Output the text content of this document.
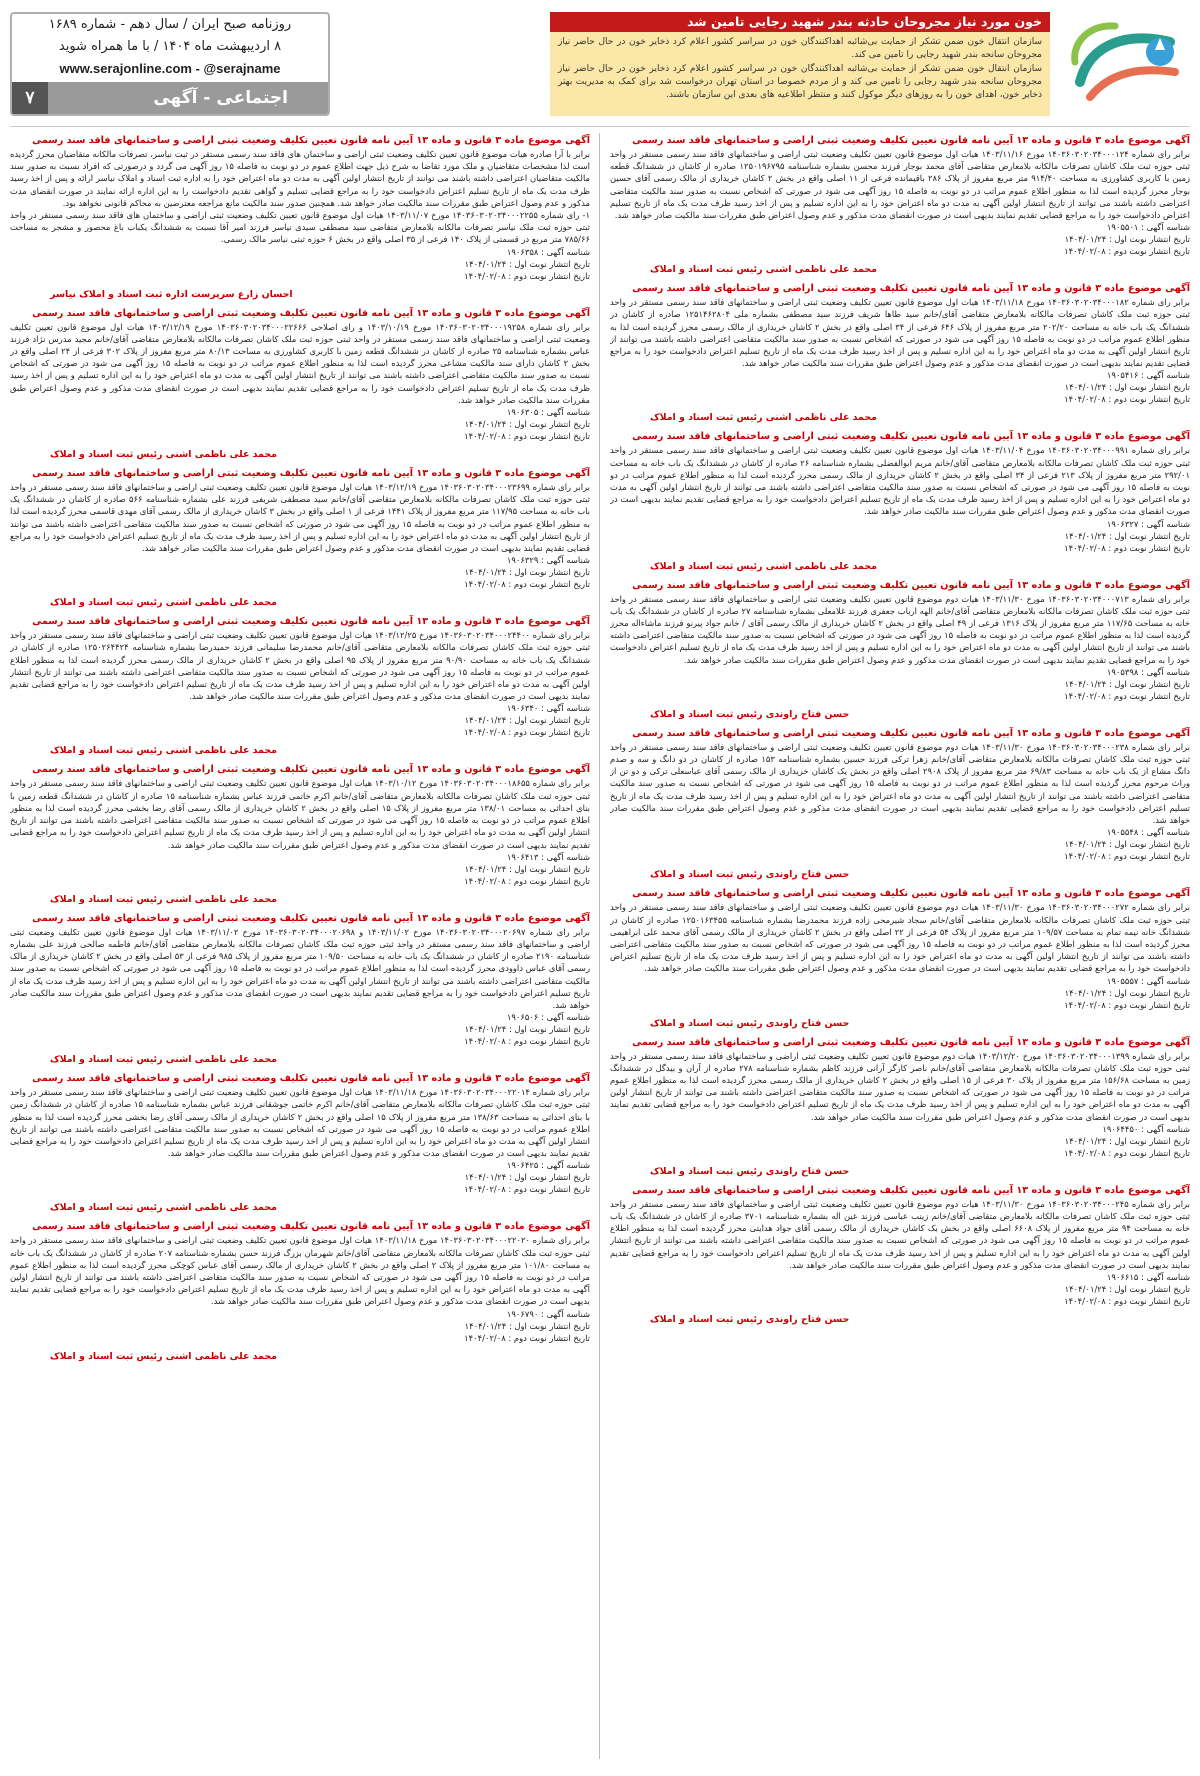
خون مورد نیاز مجروحان حادثه بندر شهید رجایی تامین شد

سازمان انتقال خون ضمن تشکر از حمایت بی‌شائبه اهداکنندگان خون در سراسر کشور اعلام کرد ذخایر خون در حال حاضر نیاز مجروحان سانحه بندر شهید رجایی را تامین می کند.

سازمان انتقال خون ضمن تشکر از حمایت بی‌شائبه اهداکنندگان خون در سراسر کشور اعلام کرد ذخایر خون در حال حاضر نیاز مجروحان سانحه بندر شهید رجایی را تامین می کند و از مردم خصوصا در استان تهران درخواست شد برای کمک به مدیریت بهتر ذخایر خون، اهدای خون را به روزهای دیگر موکول کنند و منتظر اطلاعیه های بعدی این سازمان باشند.

روزنامه صبح ایران / سال دهم - شماره ۱۶۸۹
۸ اردیبهشت ماه ۱۴۰۴ / با ما همراه شوید
www.serajonline.com - @serajname
اجتماعی - آگهی
۷
آگهی موضوع ماده ۳ قانون و ماده ۱۳ آیین نامه قانون تعیین تکلیف وضعیت ثبتی اراضی و ساختمانهای فاقد سند رسمی
برابر رای شماره ۱۴۰۳۶۰۳۰۲۰۳۴۰۰۰۱۲۴ مورخ ۱۴۰۳/۱۱/۱۶ هیات اول موضوع قانون تعیین تکلیف وضعیت ثبتی اراضی و ساختمانهای فاقد سند رسمی مستقر در واحد ثبتی حوزه ثبت ملک کاشان تصرفات مالکانه بلامعارض متقاضی آقای محمد بوجار فرزند محسن بشماره شناسنامه ۱۲۵۰۱۹۶۷۹۵ صادره از کاشان در ششدانگ قطعه زمین با کاربری کشاورزی به مساحت ۹۱۴/۴۰ متر مربع مفروز از پلاک ۲۸۶ باقیمانده فرعی از ۱۱ اصلی واقع در بخش ۲ کاشان خریداری از مالک رسمی آقای حسین بوجار محرز گردیده است لذا به منظور اطلاع عموم مراتب در دو نوبت به فاصله ۱۵ روز آگهی می شود در صورتی که اشخاص نسبت به صدور سند مالکیت متقاضی اعتراضی داشته باشند می توانند از تاریخ انتشار اولین آگهی به مدت دو ماه اعتراض خود را به این اداره تسلیم و پس از اخذ رسید ظرف مدت یک ماه از تاریخ تسلیم اعتراض دادخواست خود را به مراجع قضایی تقدیم نمایند بدیهی است در صورت انقضای مدت مذکور و عدم وصول اعتراض طبق مقررات سند مالکیت صادر خواهد شد.
شناسه آگهی : ۱۹۰۵۵۰۱
تاریخ انتشار نوبت اول : ۱۴۰۴/۰۱/۲۴
تاریخ انتشار نوبت دوم : ۱۴۰۴/۰۲/۰۸
محمد علی ناظمی اشنی رئیس ثبت اسناد و املاک
آگهی موضوع ماده ۳ قانون و ماده ۱۳ آیین نامه قانون تعیین تکلیف وضعیت ثبتی اراضی و ساختمانهای فاقد سند رسمی
برابر رای شماره ۱۴۰۳۶۰۳۰۲۰۳۴۰۰۰۱۸۲ مورخ ۱۴۰۳/۱۱/۱۸ هیات اول موضوع قانون تعیین تکلیف وضعیت ثبتی اراضی و ساختمانهای فاقد سند رسمی مستقر در واحد ثبتی حوزه ثبت ملک کاشان تصرفات مالکانه بلامعارض متقاضی آقای/خانم سید طاها شریف فرزند سید مصطفی بشماره ملی ۱۲۵۱۴۶۲۸۰۴ صادره از کاشان در ششدانگ یک باب خانه به مساحت ۲۰۲/۲۰ متر مربع مفروز از پلاک ۶۴۶ فرعی از ۳۴ اصلی واقع در بخش ۲ کاشان خریداری از مالک رسمی محرز گردیده است لذا به منظور اطلاع عموم مراتب در دو نوبت به فاصله ۱۵ روز آگهی می شود در صورتی که اشخاص نسبت به صدور سند مالکیت متقاضی اعتراضی داشته باشند می توانند از تاریخ انتشار اولین آگهی به مدت دو ماه اعتراض خود را به این اداره تسلیم و پس از اخذ رسید ظرف مدت یک ماه از تاریخ تسلیم اعتراض دادخواست خود را به مراجع قضایی تقدیم نمایند بدیهی است در صورت انقضای مدت مذکور و عدم وصول اعتراض طبق مقررات سند مالکیت صادر خواهد شد.
شناسه آگهی : ۱۹۰۵۴۱۶
تاریخ انتشار نوبت اول : ۱۴۰۴/۰۱/۲۴
تاریخ انتشار نوبت دوم : ۱۴۰۴/۰۲/۰۸
محمد علی ناظمی اشنی رئیس ثبت اسناد و املاک
آگهی موضوع ماده ۳ قانون و ماده ۱۳ آیین نامه قانون تعیین تکلیف وضعیت ثبتی اراضی و ساختمانهای فاقد سند رسمی
برابر رای شماره ۱۴۰۳۶۰۳۰۲۰۳۴۰۰۰۹۹۱ مورخ ۱۴۰۳/۱۱/۰۴ هیات اول موضوع قانون تعیین تکلیف وضعیت ثبتی اراضی و ساختمانهای فاقد سند رسمی مستقر در واحد ثبتی حوزه ثبت ملک کاشان تصرفات مالکانه بلامعارض متقاضی آقای/خانم مریم ابوالفضلی بشماره شناسنامه ۲۶ صادره از کاشان در ششدانگ یک باب خانه به مساحت ۲۹۲/۰۱ متر مربع مفروز از پلاک ۲۱۳ فرعی از ۳۴ اصلی واقع در بخش ۲ کاشان خریداری از مالک رسمی محرز گردیده است لذا به منظور اطلاع عموم مراتب در دو نوبت به فاصله ۱۵ روز آگهی می شود در صورتی که اشخاص نسبت به صدور سند مالکیت متقاضی اعتراضی داشته باشند می توانند از تاریخ انتشار اولین آگهی به مدت دو ماه اعتراض خود را به این اداره تسلیم و پس از اخذ رسید ظرف مدت یک ماه از تاریخ تسلیم اعتراض دادخواست خود را به مراجع قضایی تقدیم نمایند بدیهی است در صورت انقضای مدت مذکور و عدم وصول اعتراض طبق مقررات سند مالکیت صادر خواهد شد.
شناسه آگهی : ۱۹۰۶۳۲۷
تاریخ انتشار نوبت اول : ۱۴۰۴/۰۱/۲۴
تاریخ انتشار نوبت دوم : ۱۴۰۴/۰۲/۰۸
محمد علی ناظمی اشنی رئیس ثبت اسناد و املاک
آگهی موضوع ماده ۳ قانون و ماده ۱۳ آیین نامه قانون تعیین تکلیف وضعیت ثبتی اراضی و ساختمانهای فاقد سند رسمی
برابر رای شماره ۱۴۰۳۶۰۳۰۲۰۳۴۰۰۰۷۱۳ مورخ ۱۴۰۳/۱۱/۳۰ هیات دوم موضوع قانون تعیین تکلیف وضعیت ثبتی اراضی و ساختمانهای فاقد سند رسمی مستقر در واحد ثبتی حوزه ثبت ملک کاشان تصرفات مالکانه بلامعارض متقاضی آقای/خانم الهه ارباب جعفری فرزند غلامعلی بشماره شناسنامه ۲۷ صادره از کاشان در ششدانگ یک باب خانه به مساحت ۱۱۷/۶۵ متر مربع مفروز از پلاک ۱۳۱۶ فرعی از ۴۹ اصلی واقع در بخش ۲ کاشان خریداری از مالک رسمی آقای / خانم جواد پیرنو فرزند ماشاءاله محرز گردیده است لذا به منظور اطلاع عموم مراتب در دو نوبت به فاصله ۱۵ روز آگهی می شود در صورتی که اشخاص نسبت به صدور سند مالکیت متقاضی اعتراضی داشته باشند می توانند از تاریخ انتشار اولین آگهی به مدت دو ماه اعتراض خود را به این اداره تسلیم و پس از اخذ رسید ظرف مدت یک ماه از تاریخ تسلیم اعتراض دادخواست خود را به مراجع قضایی تقدیم نمایند بدیهی است در صورت انقضای مدت مذکور و عدم وصول اعتراض طبق مقررات سند مالکیت صادر خواهد شد.
شناسه آگهی : ۱۹۰۵۳۹۸
تاریخ انتشار نوبت اول : ۱۴۰۴/۰۱/۲۴
تاریخ انتشار نوبت دوم : ۱۴۰۴/۰۲/۰۸
حسن فتاح راوندی رئیس ثبت اسناد و املاک
آگهی موضوع ماده ۳ قانون و ماده ۱۳ آیین نامه قانون تعیین تکلیف وضعیت ثبتی اراضی و ساختمانهای فاقد سند رسمی
برابر رای شماره ۱۴۰۳۶۰۳۰۲۰۳۴۰۰۰۲۳۸ مورخ ۱۴۰۳/۱۱/۳۰ هیات دوم موضوع قانون تعیین تکلیف وضعیت ثبتی اراضی و ساختمانهای فاقد سند رسمی مستقر در واحد ثبتی حوزه ثبت ملک کاشان تصرفات مالکانه بلامعارض متقاضی آقای/خانم زهرا ترکی فرزند حسین بشماره شناسنامه ۱۵۳ صادره از کاشان در دو دانگ و سه و صدم دانگ مشاع از یک باب خانه به مساحت ۶۹/۸۳ متر مربع مفروز از پلاک ۲۹۰۸ اصلی واقع در بخش یک کاشان خریداری از مالک رسمی آقای عباسعلی ترکی و دو تن از وراث مرحوم محرز گردیده است لذا به منظور اطلاع عموم مراتب در دو نوبت به فاصله ۱۵ روز آگهی می شود در صورتی که اشخاص نسبت به صدور سند مالکیت متقاضی اعتراضی داشته باشند می توانند از تاریخ انتشار اولین آگهی به مدت دو ماه اعتراض خود را به این اداره تسلیم و پس از اخذ رسید ظرف مدت یک ماه از تاریخ تسلیم اعتراض دادخواست خود را به مراجع قضایی تقدیم نمایند بدیهی است در صورت انقضای مدت مذکور و عدم وصول اعتراض طبق مقررات سند مالکیت صادر خواهد شد.
شناسه آگهی : ۱۹۰۵۵۴۸
تاریخ انتشار نوبت اول : ۱۴۰۴/۰۱/۲۴
تاریخ انتشار نوبت دوم : ۱۴۰۴/۰۲/۰۸
حسن فتاح راوندی رئیس ثبت اسناد و املاک
آگهی موضوع ماده ۳ قانون و ماده ۱۳ آیین نامه قانون تعیین تکلیف وضعیت ثبتی اراضی و ساختمانهای فاقد سند رسمی
برابر رای شماره ۱۴۰۳۶۰۳۰۲۰۳۴۰۰۰۲۷۲ مورخ ۱۴۰۳/۱۱/۳۰ هیات دوم موضوع قانون تعیین تکلیف وضعیت ثبتی اراضی و ساختمانهای فاقد سند رسمی مستقر در واحد ثبتی حوزه ثبت ملک کاشان تصرفات مالکانه بلامعارض متقاضی آقای/خانم سجاد شیرمحی زاده فرزند محمدرضا بشماره شناسنامه ۱۲۵۰۱۶۳۴۵۵ صادره از کاشان در ششدانگ خانه نیمه تمام به مساحت ۱۰۹/۵۷ متر مربع مفروز از پلاک ۵۴ فرعی از ۲۲ اصلی واقع در بخش ۲ کاشان خریداری از مالک رسمی آقای محمد علی ابراهیمی محرز گردیده است لذا به منظور اطلاع عموم مراتب در دو نوبت به فاصله ۱۵ روز آگهی می شود در صورتی که اشخاص نسبت به صدور سند مالکیت متقاضی اعتراضی داشته باشند می توانند از تاریخ انتشار اولین آگهی به مدت دو ماه اعتراض خود را به این اداره تسلیم و پس از اخذ رسید ظرف مدت یک ماه از تاریخ تسلیم اعتراض دادخواست خود را به مراجع قضایی تقدیم نمایند بدیهی است در صورت انقضای مدت مذکور و عدم وصول اعتراض طبق مقررات سند مالکیت صادر خواهد شد.
شناسه آگهی : ۱۹۰۵۵۵۷
تاریخ انتشار نوبت اول : ۱۴۰۴/۰۱/۲۴
تاریخ انتشار نوبت دوم : ۱۴۰۴/۰۲/۰۸
حسن فتاح راوندی رئیس ثبت اسناد و املاک
آگهی موضوع ماده ۳ قانون و ماده ۱۳ آیین نامه قانون تعیین تکلیف وضعیت ثبتی اراضی و ساختمانهای فاقد سند رسمی
برابر رای شماره ۱۴۰۳۶۰۳۰۲۰۳۴۰۰۰۱۳۹۹ مورخ ۱۴۰۳/۱۲/۲۰ هیات دوم موضوع قانون تعیین تکلیف وضعیت ثبتی اراضی و ساختمانهای فاقد سند رسمی مستقر در واحد ثبتی حوزه ثبت ملک کاشان تصرفات مالکانه بلامعارض متقاضی آقای/خانم ناصر کارگر آرانی فرزند کاظم بشماره شناسنامه ۲۷۸ صادره از آران و بیدگل در ششدانگ زمین به مساحت ۱۵۶/۶۸ متر مربع مفروز از پلاک ۳۰ فرعی از ۱۵ اصلی واقع در بخش ۲ کاشان خریداری از مالک رسمی محرز گردیده است لذا به منظور اطلاع عموم مراتب در دو نوبت به فاصله ۱۵ روز آگهی می شود در صورتی که اشخاص نسبت به صدور سند مالکیت متقاضی اعتراضی داشته باشند می توانند از تاریخ انتشار اولین آگهی به مدت دو ماه اعتراض خود را به این اداره تسلیم و پس از اخذ رسید ظرف مدت یک ماه از تاریخ تسلیم اعتراض دادخواست خود را به مراجع قضایی تقدیم نمایند بدیهی است در صورت انقضای مدت مذکور و عدم وصول اعتراض طبق مقررات سند مالکیت صادر خواهد شد.
شناسه آگهی : ۱۹۰۶۴۴۵۰
تاریخ انتشار نوبت اول : ۱۴۰۴/۰۱/۲۴
تاریخ انتشار نوبت دوم : ۱۴۰۴/۰۲/۰۸
حسن فتاح راوندی رئیس ثبت اسناد و املاک
آگهی موضوع ماده ۳ قانون و ماده ۱۳ آیین نامه قانون تعیین تکلیف وضعیت ثبتی اراضی و ساختمانهای فاقد سند رسمی
برابر رای شماره ۱۴۰۳۶۰۳۰۲۰۳۴۰۰۰۲۴۵ مورخ ۱۴۰۳/۱۱/۳۰ هیات دوم موضوع قانون تعیین تکلیف وضعیت ثبتی اراضی و ساختمانهای فاقد سند رسمی مستقر در واحد ثبتی حوزه ثبت ملک کاشان تصرفات مالکانه بلامعارض متقاضی آقای/خانم زینب عباسی فرزند عین اله بشماره شناسنامه ۳۷۰۱ صادره از کاشان در ششدانگ یک باب خانه به مساحت ۹۴ متر مربع مفروز از پلاک ۶۶۰۸ اصلی واقع در بخش یک کاشان خریداری از مالک رسمی آقای جواد هدایتی محرز گردیده است لذا به منظور اطلاع عموم مراتب در دو نوبت به فاصله ۱۵ روز آگهی می شود در صورتی که اشخاص نسبت به صدور سند مالکیت متقاضی اعتراضی داشته باشند می توانند از تاریخ انتشار اولین آگهی به مدت دو ماه اعتراض خود را به این اداره تسلیم و پس از اخذ رسید ظرف مدت یک ماه از تاریخ تسلیم اعتراض دادخواست خود را به مراجع قضایی تقدیم نمایند بدیهی است در صورت انقضای مدت مذکور و عدم وصول اعتراض طبق مقررات سند مالکیت صادر خواهد شد.
شناسه آگهی : ۱۹۰۶۶۱۵
تاریخ انتشار نوبت اول : ۱۴۰۴/۰۱/۲۴
تاریخ انتشار نوبت دوم : ۱۴۰۴/۰۲/۰۸
حسن فتاح راوندی رئیس ثبت اسناد و املاک
آگهی موضوع ماده ۳ قانون و ماده ۱۳ آیین نامه قانون تعیین تکلیف وضعیت ثبتی اراضی و ساختمانهای فاقد سند رسمی
برابر با آرا صادره هیات موضوع قانون تعیین تکلیف وضعیت ثبتی اراضی و ساختمان های فاقد سند رسمی مستقر در ثبت نیاسر، تصرفات مالکانه متقاضیان محرز گردیده است لذا مشخصات متقاضیان و ملک مورد تقاضا به شرح ذیل جهت اطلاع عموم در دو نوبت به فاصله ۱۵ روز آگهی می گردد و درصورتی که افراد نسبت به صدور سند مالکیت متقاضیان اعتراضی داشته باشند می توانند از تاریخ انتشار اولین آگهی به مدت دو ماه اعتراض خود را به اداره ثبت اسناد و املاک نیاسر ارائه و پس از اخذ رسید ظرف مدت یک ماه از تاریخ تسلیم اعتراض دادخواست خود را به مراجع قضایی تسلیم و گواهی تقدیم دادخواست را به این اداره ارائه نمایند در صورت انقضای مدت مذکور و عدم وصول اعتراض طبق مقررات سند مالکیت صادر خواهد شد. همچنین صدور سند مالکیت مانع مراجعه معترضین به محاکم قانونی نخواهد بود.
۱- رای شماره ۱۴۰۳۶۰۳۰۲۰۳۴۰۰۰۲۲۵۵ مورخ ۱۴۰۳/۱۱/۰۷ هیات اول موضوع قانون تعیین تکلیف وضعیت ثبتی اراضی و ساختمان های فاقد سند رسمی مستقر در واحد ثبتی حوزه ثبت ملک نیاسر تصرفات مالکانه بلامعارض متقاضی سید مصطفی سیدی نیاسر فرزند امیر آقا نسبت به ششدانگ یکباب باغ محصور و مشجر به مساحت ۷۸۵/۶۶ متر مربع در قسمتی از پلاک ۱۴۰ فرعی از ۳۵ اصلی واقع در بخش ۶ حوزه ثبتی نیاسر مالک رسمی.
شناسه آگهی : ۱۹۰۶۳۵۸
تاریخ انتشار نوبت اول : ۱۴۰۴/۰۱/۲۴
تاریخ انتشار نوبت دوم : ۱۴۰۴/۰۲/۰۸
احسان زارع سرپرست اداره ثبت اسناد و املاک نیاسر
آگهی موضوع ماده ۳ قانون و ماده ۱۳ آیین نامه قانون تعیین تکلیف وضعیت ثبتی اراضی و ساختمانهای فاقد سند رسمی
برابر رای شماره ۱۴۰۳۶۰۳۰۲۰۳۴۰۰۰۱۹۲۵۸ مورخ ۱۴۰۳/۱۰/۱۹ و رای اصلاحی ۱۴۰۳۶۰۳۰۲۰۳۴۰۰۰۲۲۶۶۶ مورخ ۱۴۰۳/۱۲/۱۹ هیات اول موضوع قانون تعیین تکلیف وضعیت ثبتی اراضی و ساختمانهای فاقد سند رسمی مستقر در واحد ثبتی حوزه ثبت ملک کاشان تصرفات مالکانه بلامعارض متقاضی آقای/خانم مجید مدرس نژاد فرزند عباس بشماره شناسنامه ۲۵ صادره از کاشان در ششدانگ قطعه زمین با کاربری کشاورزی به مساحت ۸۰/۱۳ متر مربع مفروز از پلاک ۳۰۲ فرعی از ۲۴ اصلی واقع در بخش ۲ کاشان دارای سند مالکیت مشاعی محرز گردیده است لذا به منظور اطلاع عموم مراتب در دو نوبت به فاصله ۱۵ روز آگهی می شود در صورتی که اشخاص نسبت به صدور سند مالکیت متقاضی اعتراضی داشته باشند می توانند از تاریخ انتشار اولین آگهی به مدت دو ماه اعتراض خود را به این اداره تسلیم و پس از اخذ رسید ظرف مدت یک ماه از تاریخ تسلیم اعتراض دادخواست خود را به مراجع قضایی تقدیم نمایند بدیهی است در صورت انقضای مدت مذکور و عدم وصول اعتراض طبق مقررات سند مالکیت صادر خواهد شد.
شناسه آگهی : ۱۹۰۶۳۰۵
تاریخ انتشار نوبت اول : ۱۴۰۴/۰۱/۲۴
تاریخ انتشار نوبت دوم : ۱۴۰۴/۰۲/۰۸
محمد علی ناظمی اشنی رئیس ثبت اسناد و املاک
آگهی موضوع ماده ۳ قانون و ماده ۱۳ آیین نامه قانون تعیین تکلیف وضعیت ثبتی اراضی و ساختمانهای فاقد سند رسمی
برابر رای شماره ۱۴۰۳۶۰۳۰۲۰۳۴۰۰۰۲۳۶۹۹ مورخ ۱۴۰۳/۱۲/۱۹ هیات اول موضوع قانون تعیین تکلیف وضعیت ثبتی اراضی و ساختمانهای فاقد سند رسمی مستقر در واحد ثبتی حوزه ثبت ملک کاشان تصرفات مالکانه بلامعارض متقاضی آقای/خانم سید مصطفی شریفی فرزند علی بشماره شناسنامه ۵۶۶ صادره از کاشان در ششدانگ یک باب خانه به مساحت ۱۱۷/۹۵ متر مربع مفروز از پلاک ۱۴۴۱ فرعی از ۱ اصلی واقع در بخش ۳ کاشان خریداری از مالک رسمی آقای مهدی قاسمی محرز گردیده است لذا به منظور اطلاع عموم مراتب در دو نوبت به فاصله ۱۵ روز آگهی می شود در صورتی که اشخاص نسبت به صدور سند مالکیت متقاضی اعتراضی داشته باشند می توانند از تاریخ انتشار اولین آگهی به مدت دو ماه اعتراض خود را به این اداره تسلیم و پس از اخذ رسید ظرف مدت یک ماه از تاریخ تسلیم اعتراض دادخواست خود را به مراجع قضایی تقدیم نمایند بدیهی است در صورت انقضای مدت مذکور و عدم وصول اعتراض طبق مقررات سند مالکیت صادر خواهد شد.
شناسه آگهی : ۱۹۰۶۳۲۹
تاریخ انتشار نوبت اول : ۱۴۰۴/۰۱/۲۴
تاریخ انتشار نوبت دوم : ۱۴۰۴/۰۲/۰۸
محمد علی ناظمی اشنی رئیس ثبت اسناد و املاک
آگهی موضوع ماده ۳ قانون و ماده ۱۳ آیین نامه قانون تعیین تکلیف وضعیت ثبتی اراضی و ساختمانهای فاقد سند رسمی
برابر رای شماره ۱۴۰۳۶۰۳۰۲۰۳۴۰۰۰۲۴۴۰۰ مورخ ۱۴۰۳/۱۲/۲۵ هیات اول موضوع قانون تعیین تکلیف وضعیت ثبتی اراضی و ساختمانهای فاقد سند رسمی مستقر در واحد ثبتی حوزه ثبت ملک کاشان تصرفات مالکانه بلامعارض متقاضی آقای/خانم محمدرضا سلیمانی فرزند حمیدرضا بشماره شناسنامه ۱۲۵۰۲۶۴۴۲۴ صادره از کاشان در ششدانگ یک باب خانه به مساحت ۹۰/۹۰ متر مربع مفروز از پلاک ۹۵ اصلی واقع در بخش ۲ کاشان خریداری از مالک رسمی محرز گردیده است لذا به منظور اطلاع عموم مراتب در دو نوبت به فاصله ۱۵ روز آگهی می شود در صورتی که اشخاص نسبت به صدور سند مالکیت متقاضی اعتراضی داشته باشند می توانند از تاریخ انتشار اولین آگهی به مدت دو ماه اعتراض خود را به این اداره تسلیم و پس از اخذ رسید ظرف مدت یک ماه از تاریخ تسلیم اعتراض دادخواست خود را به مراجع قضایی تقدیم نمایند بدیهی است در صورت انقضای مدت مذکور و عدم وصول اعتراض طبق مقررات سند مالکیت صادر خواهد شد.
شناسه آگهی : ۱۹۰۶۳۴۰
تاریخ انتشار نوبت اول : ۱۴۰۴/۰۱/۲۴
تاریخ انتشار نوبت دوم : ۱۴۰۴/۰۲/۰۸
محمد علی ناظمی اشنی رئیس ثبت اسناد و املاک
آگهی موضوع ماده ۳ قانون و ماده ۱۳ آیین نامه قانون تعیین تکلیف وضعیت ثبتی اراضی و ساختمانهای فاقد سند رسمی
برابر رای شماره ۱۴۰۳۶۰۳۰۲۰۳۴۰۰۰۱۸۶۵۵ مورخ ۱۴۰۳/۱۰/۱۲ هیات اول موضوع قانون تعیین تکلیف وضعیت ثبتی اراضی و ساختمانهای فاقد سند رسمی مستقر در واحد ثبتی حوزه ثبت ملک کاشان تصرفات مالکانه بلامعارض متقاضی آقای/خانم اکرم خاتمی فرزند عباس بشماره شناسنامه ۱۵ صادره از کاشان در ششدانگ قطعه زمین با بنای احداثی به مساحت ۱۳۸/۰۱ متر مربع مفروز از پلاک ۱۵ اصلی واقع در بخش ۲ کاشان خریداری از مالک رسمی آقای رضا بخشی محرز گردیده است لذا به منظور اطلاع عموم مراتب در دو نوبت به فاصله ۱۵ روز آگهی می شود در صورتی که اشخاص نسبت به صدور سند مالکیت متقاضی اعتراضی داشته باشند می توانند از تاریخ انتشار اولین آگهی به مدت دو ماه اعتراض خود را به این اداره تسلیم و پس از اخذ رسید ظرف مدت یک ماه از تاریخ تسلیم اعتراض دادخواست خود را به مراجع قضایی تقدیم نمایند بدیهی است در صورت انقضای مدت مذکور و عدم وصول اعتراض طبق مقررات سند مالکیت صادر خواهد شد.
شناسه آگهی : ۱۹۰۶۴۱۳
تاریخ انتشار نوبت اول : ۱۴۰۴/۰۱/۲۴
تاریخ انتشار نوبت دوم : ۱۴۰۴/۰۲/۰۸
محمد علی ناظمی اشنی رئیس ثبت اسناد و املاک
آگهی موضوع ماده ۳ قانون و ماده ۱۳ آیین نامه قانون تعیین تکلیف وضعیت ثبتی اراضی و ساختمانهای فاقد سند رسمی
برابر رای شماره ۱۴۰۳۶۰۳۰۲۰۳۴۰۰۰۲۰۶۹۷ مورخ ۱۴۰۳/۱۱/۰۲ و ۱۴۰۳۶۰۳۰۲۰۳۴۰۰۰۲۰۶۹۸ مورخ ۱۴۰۳/۱۱/۰۲ هیات اول موضوع قانون تعیین تکلیف وضعیت ثبتی اراضی و ساختمانهای فاقد سند رسمی مستقر در واحد ثبتی حوزه ثبت ملک کاشان تصرفات مالکانه بلامعارض متقاضی آقای/خانم فاطمه صالحی فرزند علی بشماره شناسنامه ۲۱۹۰ صادره از کاشان در ششدانگ یک باب خانه به مساحت ۱۰۹/۵۰ متر مربع مفروز از پلاک ۹۸۵ فرعی از ۵۳ اصلی واقع در بخش ۲ کاشان خریداری از مالک رسمی آقای عباس داوودی محرز گردیده است لذا به منظور اطلاع عموم مراتب در دو نوبت به فاصله ۱۵ روز آگهی می شود در صورتی که اشخاص نسبت به صدور سند مالکیت متقاضی اعتراضی داشته باشند می توانند از تاریخ انتشار اولین آگهی به مدت دو ماه اعتراض خود را به این اداره تسلیم و پس از اخذ رسید ظرف مدت یک ماه از تاریخ تسلیم اعتراض دادخواست خود را به مراجع قضایی تقدیم نمایند بدیهی است در صورت انقضای مدت مذکور و عدم وصول اعتراض طبق مقررات سند مالکیت صادر خواهد شد.
شناسه آگهی : ۱۹۰۶۵۰۶
تاریخ انتشار نوبت اول : ۱۴۰۴/۰۱/۲۴
تاریخ انتشار نوبت دوم : ۱۴۰۴/۰۲/۰۸
محمد علی ناظمی اشنی رئیس ثبت اسناد و املاک
آگهی موضوع ماده ۳ قانون و ماده ۱۳ آیین نامه قانون تعیین تکلیف وضعیت ثبتی اراضی و ساختمانهای فاقد سند رسمی
برابر رای شماره ۱۴۰۳۶۰۳۰۲۰۳۴۰۰۰۲۲۰۱۴ مورخ ۱۴۰۳/۱۱/۱۸ هیات اول موضوع قانون تعیین تکلیف وضعیت ثبتی اراضی و ساختمانهای فاقد سند رسمی مستقر در واحد ثبتی حوزه ثبت ملک کاشان تصرفات مالکانه بلامعارض متقاضی آقای/خانم اکرم خاتمی جوشقانی فرزند عباس بشماره شناسنامه ۱۵ صادره از کاشان در ششدانگ زمین با بنای احداثی به مساحت ۱۳۸/۶۳ متر مربع مفروز از پلاک ۱۵ اصلی واقع در بخش ۲ کاشان خریداری از مالک رسمی آقای رضا بخشی محرز گردیده است لذا به منظور اطلاع عموم مراتب در دو نوبت به فاصله ۱۵ روز آگهی می شود در صورتی که اشخاص نسبت به صدور سند مالکیت متقاضی اعتراضی داشته باشند می توانند از تاریخ انتشار اولین آگهی به مدت دو ماه اعتراض خود را به این اداره تسلیم و پس از اخذ رسید ظرف مدت یک ماه از تاریخ تسلیم اعتراض دادخواست خود را به مراجع قضایی تقدیم نمایند بدیهی است در صورت انقضای مدت مذکور و عدم وصول اعتراض طبق مقررات سند مالکیت صادر خواهد شد.
شناسه آگهی : ۱۹۰۶۴۲۵
تاریخ انتشار نوبت اول : ۱۴۰۴/۰۱/۲۴
تاریخ انتشار نوبت دوم : ۱۴۰۴/۰۲/۰۸
محمد علی ناظمی اشنی رئیس ثبت اسناد و املاک
آگهی موضوع ماده ۳ قانون و ماده ۱۳ آیین نامه قانون تعیین تکلیف وضعیت ثبتی اراضی و ساختمانهای فاقد سند رسمی
برابر رای شماره ۱۴۰۳۶۰۳۰۲۰۳۴۰۰۰۲۲۰۲۰ مورخ ۱۴۰۳/۱۱/۱۸ هیات اول موضوع قانون تعیین تکلیف وضعیت ثبتی اراضی و ساختمانهای فاقد سند رسمی مستقر در واحد ثبتی حوزه ثبت ملک کاشان تصرفات مالکانه بلامعارض متقاضی آقای/خانم شهرمان بزرگ فرزند حسن بشماره شناسنامه ۲۰۷ صادره از کاشان در ششدانگ یک باب خانه به مساحت ۱۰۱/۸۰ متر مربع مفروز از پلاک ۲ اصلی واقع در بخش ۲ کاشان خریداری از مالک رسمی آقای عباس کوچکی محرز گردیده است لذا به منظور اطلاع عموم مراتب در دو نوبت به فاصله ۱۵ روز آگهی می شود در صورتی که اشخاص نسبت به صدور سند مالکیت متقاضی اعتراضی داشته باشند می توانند از تاریخ انتشار اولین آگهی به مدت دو ماه اعتراض خود را به این اداره تسلیم و پس از اخذ رسید ظرف مدت یک ماه از تاریخ تسلیم اعتراض دادخواست خود را به مراجع قضایی تقدیم نمایند بدیهی است در صورت انقضای مدت مذکور و عدم وصول اعتراض طبق مقررات سند مالکیت صادر خواهد شد.
شناسه آگهی : ۱۹۰۶۷۹۰
تاریخ انتشار نوبت اول : ۱۴۰۴/۰۱/۲۴
تاریخ انتشار نوبت دوم : ۱۴۰۴/۰۲/۰۸
محمد علی ناظمی اشنی رئیس ثبت اسناد و املاک
